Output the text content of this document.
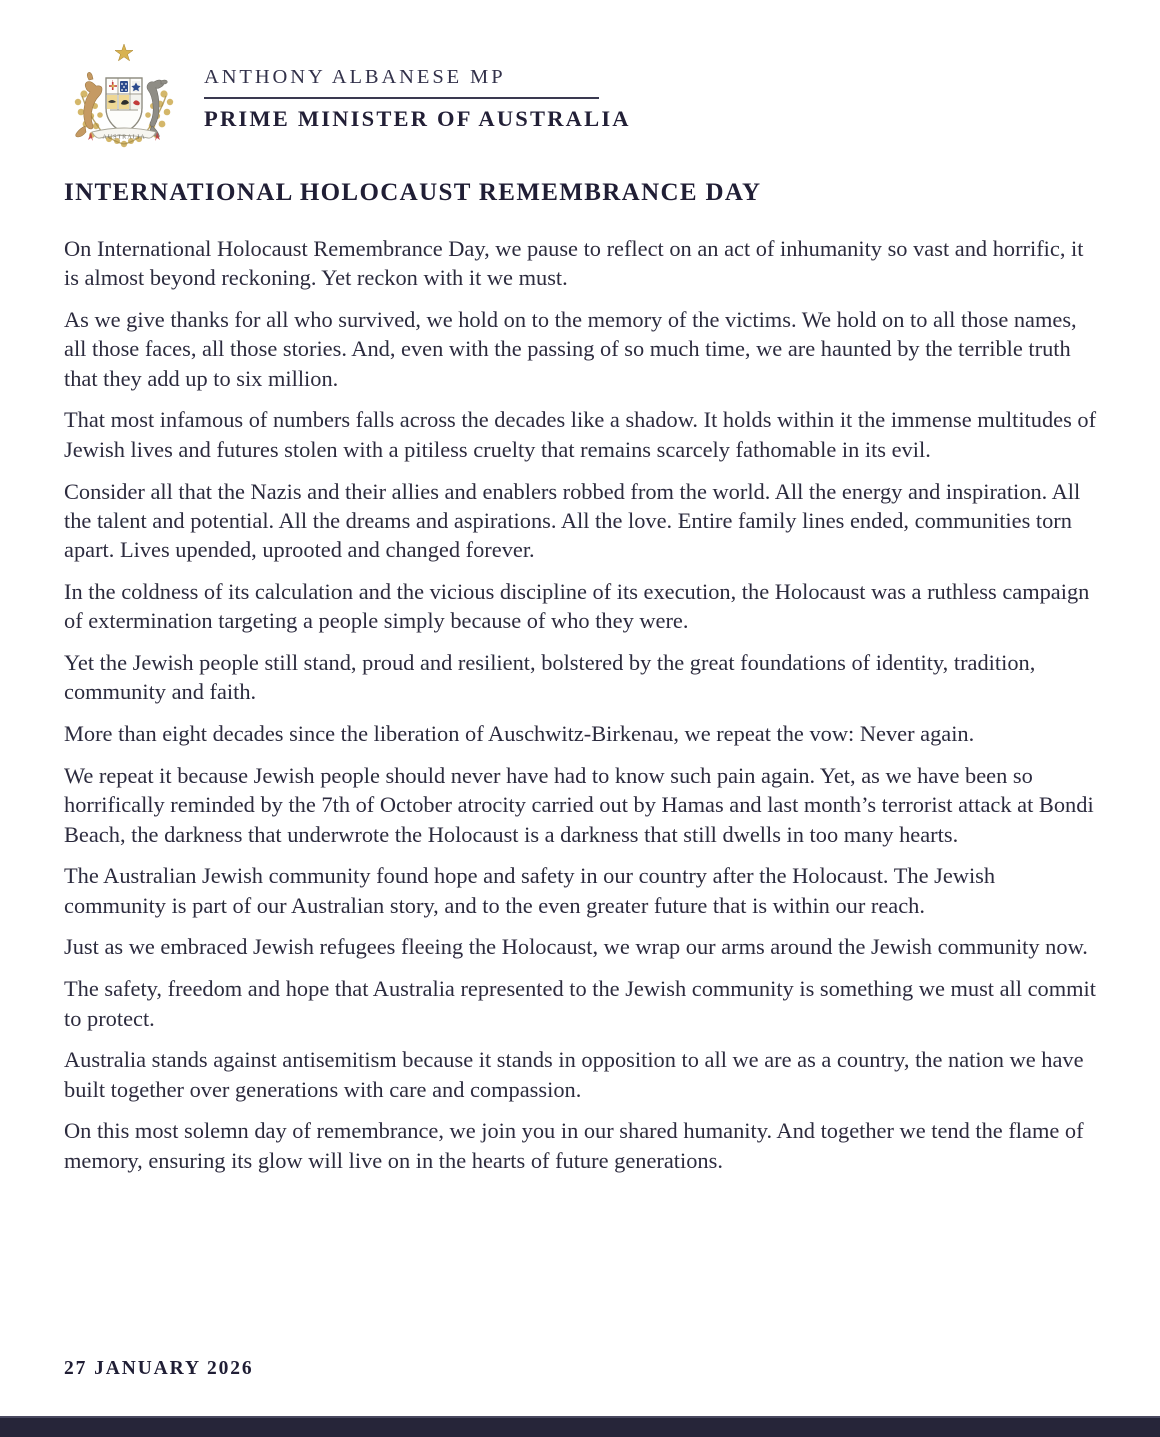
AUSTRALIA
ANTHONY ALBANESE MP
PRIME MINISTER OF AUSTRALIA
INTERNATIONAL HOLOCAUST REMEMBRANCE DAY

On International Holocaust Remembrance Day, we pause to reflect on an act of inhumanity so vast and horrific, it is almost beyond reckoning. Yet reckon with it we must.

As we give thanks for all who survived, we hold on to the memory of the victims. We hold on to all those names, all those faces, all those stories. And, even with the passing of so much time, we are haunted by the terrible truth that they add up to six million.

That most infamous of numbers falls across the decades like a shadow. It holds within it the immense multitudes of Jewish lives and futures stolen with a pitiless cruelty that remains scarcely fathomable in its evil.

Consider all that the Nazis and their allies and enablers robbed from the world. All the energy and inspiration. All the talent and potential. All the dreams and aspirations. All the love. Entire family lines ended, communities torn apart. Lives upended, uprooted and changed forever.

In the coldness of its calculation and the vicious discipline of its execution, the Holocaust was a ruthless campaign of extermination targeting a people simply because of who they were.

Yet the Jewish people still stand, proud and resilient, bolstered by the great foundations of identity, tradition, community and faith.

More than eight decades since the liberation of Auschwitz-Birkenau, we repeat the vow: Never again.

We repeat it because Jewish people should never have had to know such pain again. Yet, as we have been so horrifically reminded by the 7th of October atrocity carried out by Hamas and last month’s terrorist attack at Bondi Beach, the darkness that underwrote the Holocaust is a darkness that still dwells in too many hearts.

The Australian Jewish community found hope and safety in our country after the Holocaust. The Jewish community is part of our Australian story, and to the even greater future that is within our reach.

Just as we embraced Jewish refugees fleeing the Holocaust, we wrap our arms around the Jewish community now.

The safety, freedom and hope that Australia represented to the Jewish community is something we must all commit to protect.

Australia stands against antisemitism because it stands in opposition to all we are as a country, the nation we have built together over generations with care and compassion.

On this most solemn day of remembrance, we join you in our shared humanity. And together we tend the flame of memory, ensuring its glow will live on in the hearts of future generations.

27 JANUARY 2026
